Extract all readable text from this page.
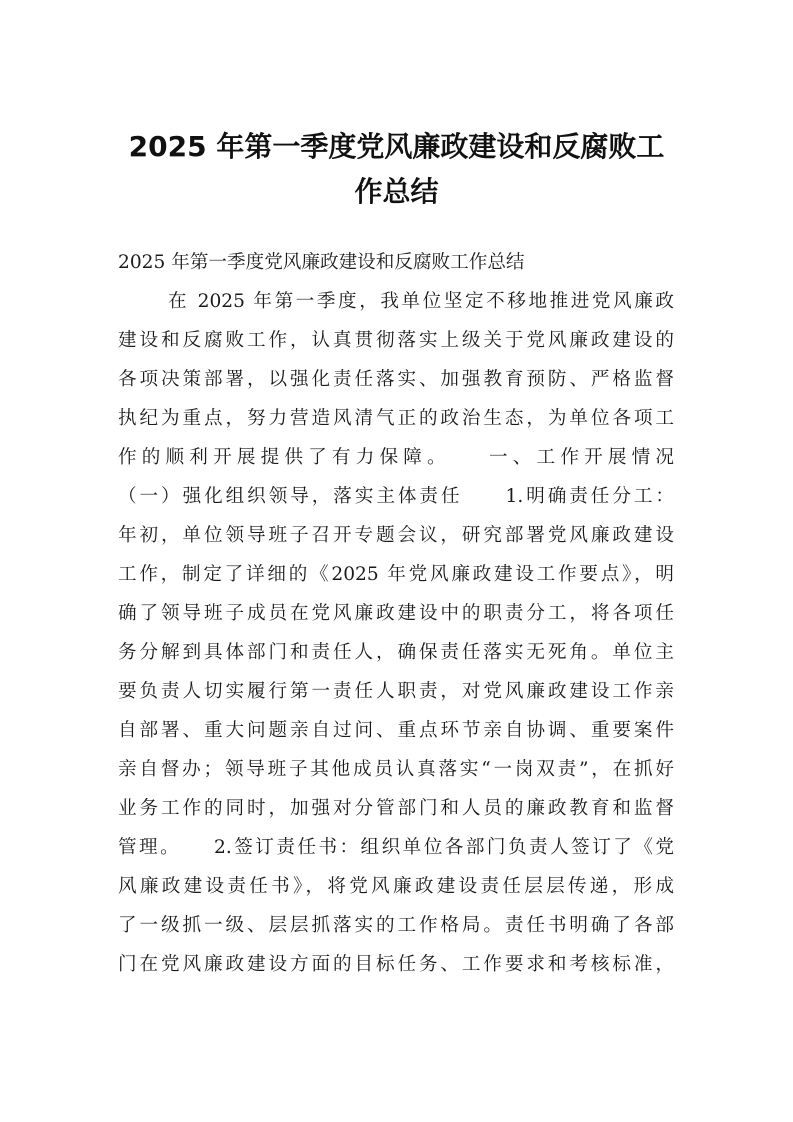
2025 年第一季度党风廉政建设和反腐败工
作总结
2025 年第一季度党风廉政建设和反腐败工作总结
在 2025 年第一季度，我单位坚定不移地推进党风廉政
建设和反腐败工作，认真贯彻落实上级关于党风廉政建设的
各项决策部署，以强化责任落实、加强教育预防、严格监督
执纪为重点，努力营造风清气正的政治生态，为单位各项工
作的顺利开展提供了有力保障。　　一、工作开展情况
（一）强化组织领导，落实主体责任　　1.明确责任分工：
年初，单位领导班子召开专题会议，研究部署党风廉政建设
工作，制定了详细的《2025 年党风廉政建设工作要点》，明
确了领导班子成员在党风廉政建设中的职责分工，将各项任
务分解到具体部门和责任人，确保责任落实无死角。单位主
要负责人切实履行第一责任人职责，对党风廉政建设工作亲
自部署、重大问题亲自过问、重点环节亲自协调、重要案件
亲自督办；领导班子其他成员认真落实“一岗双责”，在抓好
业务工作的同时，加强对分管部门和人员的廉政教育和监督
管理。　　2.签订责任书：组织单位各部门负责人签订了《党
风廉政建设责任书》，将党风廉政建设责任层层传递，形成
了一级抓一级、层层抓落实的工作格局。责任书明确了各部
门在党风廉政建设方面的目标任务、工作要求和考核标准，
